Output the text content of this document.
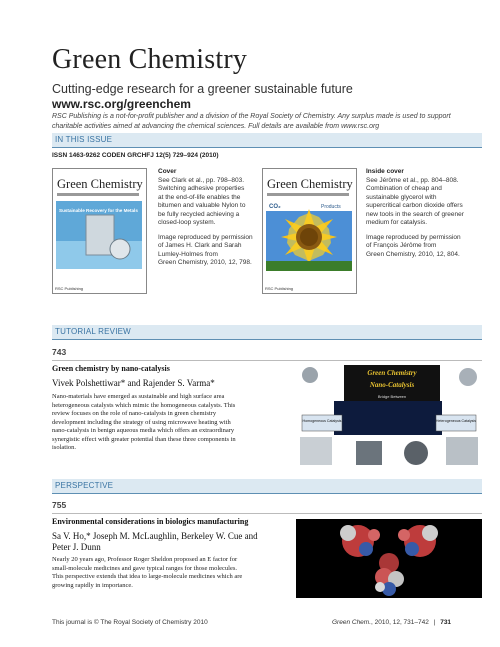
Green Chemistry
Cutting-edge research for a greener sustainable future
www.rsc.org/greenchem
RSC Publishing is a not-for-profit publisher and a division of the Royal Society of Chemistry. Any surplus made is used to support charitable activities aimed at advancing the chemical sciences. Full details are available from www.rsc.org
IN THIS ISSUE
ISSN 1463-9262 CODEN GRCHFJ 12(5) 729–924 (2010)
Green Chemistry
Sustainable Recovery for the Metals
RSC Publishing
Cover
See Clark et al., pp. 798–803.
Switching adhesive properties
at the end-of-life enables the
bitumen and valuable Nylon to
be fully recycled achieving a
closed-loop system.
Image reproduced by permission
of James H. Clark and Sarah
Lumley-Holmes from
Green Chemistry, 2010, 12, 798.
Green Chemistry
CO₂	Products
RSC Publishing
Inside cover
See Jérôme et al., pp. 804–808.
Combination of cheap and
sustainable glycerol with
supercritical carbon dioxide offers
new tools in the search of greener
medium for catalysis.
Image reproduced by permission
of François Jérôme from
Green Chemistry, 2010, 12, 804.
TUTORIAL REVIEW
743
Green chemistry by nano-catalysis
Vivek Polshettiwar* and Rajender S. Varma*
Nano-materials have emerged as sustainable and high surface area
heterogeneous catalysts which mimic the homogeneous catalysts. This
review focuses on the role of nano-catalysts in green chemistry
development including the strategy of using microwave heating with
nano-catalysis in benign aqueous media which offers an extraordinary
synergistic effect with greater potential than these three components in
isolation.
Green Chemistry
Nano-Catalysis
Bridge Between
Homogeneous Catalysis	Heterogeneous Catalysis
PERSPECTIVE
755
Environmental considerations in biologics manufacturing
Sa V. Ho,* Joseph M. McLaughlin, Berkeley W. Cue and
Peter J. Dunn
Nearly 20 years ago, Professor Roger Sheldon proposed an E factor for
small-molecule medicines and gave typical ranges for those molecules.
This perspective extends that idea to large-molecule medicines which are
growing rapidly in importance.
This journal is © The Royal Society of Chemistry 2010	Green Chem., 2010, 12, 731–742 | 731
